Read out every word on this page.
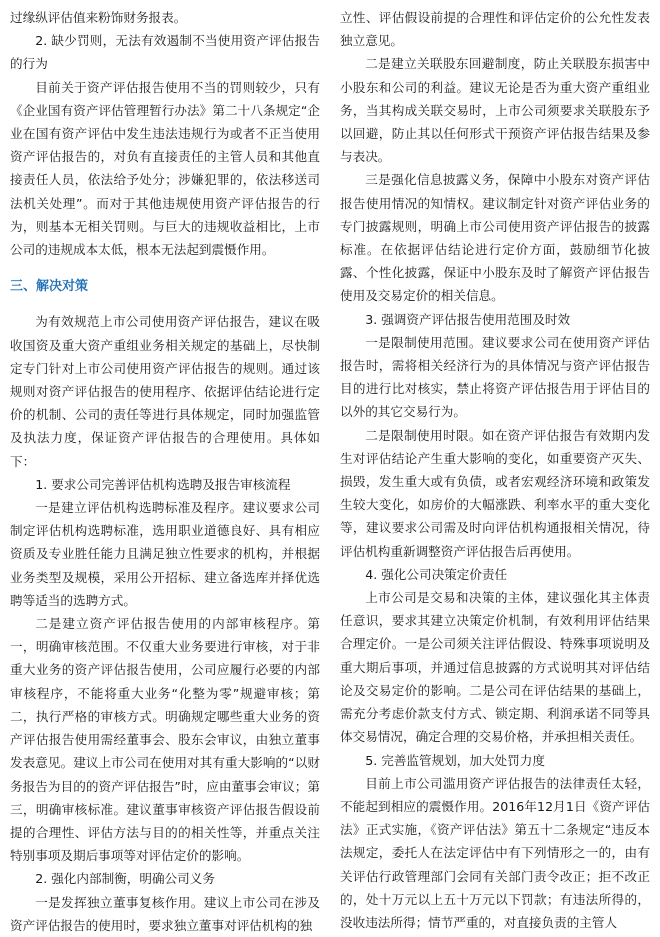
过缘纵评估值来粉饰财务报表。

2. 缺少罚则，无法有效遏制不当使用资产评估报告的行为

目前关于资产评估报告使用不当的罚则较少，只有《企业国有资产评估管理暂行办法》第二十八条规定“企业在国有资产评估中发生违法违规行为或者不正当使用资产评估报告的，对负有直接责任的主管人员和其他直接责任人员，依法给予处分；涉嫌犯罪的，依法移送司法机关处理”。而对于其他违规使用资产评估报告的行为，则基本无相关罚则。与巨大的违规收益相比，上市公司的违规成本太低，根本无法起到震慑作用。

三、解决对策

为有效规范上市公司使用资产评估报告，建议在吸收国资及重大资产重组业务相关规定的基础上，尽快制定专门针对上市公司使用资产评估报告的规则。通过该规则对资产评估报告的使用程序、依据评估结论进行定价的机制、公司的责任等进行具体规定，同时加强监管及执法力度，保证资产评估报告的合理使用。具体如下：

1. 要求公司完善评估机构选聘及报告审核流程

一是建立评估机构选聘标准及程序。建议要求公司制定评估机构选聘标准，选用职业道德良好、具有相应资质及专业胜任能力且满足独立性要求的机构，并根据业务类型及规模，采用公开招标、建立备选库并择优选聘等适当的选聘方式。

二是建立资产评估报告使用的内部审核程序。第一，明确审核范围。不仅重大业务要进行审核，对于非重大业务的资产评估报告使用，公司应履行必要的内部审核程序，不能将重大业务“化整为零”规避审核；第二，执行严格的审核方式。明确规定哪些重大业务的资产评估报告使用需经董事会、股东会审议，由独立董事发表意见。建议上市公司在使用对其有重大影响的“以财务报告为目的的资产评估报告”时，应由董事会审议；第三，明确审核标准。建议董事审核资产评估报告假设前提的合理性、评估方法与目的的相关性等，并重点关注特别事项及期后事项等对评估定价的影响。

2. 强化内部制衡，明确公司义务

一是发挥独立董事复核作用。建议上市公司在涉及资产评估报告的使用时，要求独立董事对评估机构的独

立性、评估假设前提的合理性和评估定价的公允性发表独立意见。

二是建立关联股东回避制度，防止关联股东损害中小股东和公司的利益。建议无论是否为重大资产重组业务，当其构成关联交易时，上市公司须要求关联股东予以回避，防止其以任何形式干预资产评估报告结果及参与表决。

三是强化信息披露义务，保障中小股东对资产评估报告使用情况的知情权。建议制定针对资产评估业务的专门披露规则，明确上市公司使用资产评估报告的披露标准。在依据评估结论进行定价方面，鼓励细节化披露、个性化披露，保证中小股东及时了解资产评估报告使用及交易定价的相关信息。

3. 强调资产评估报告使用范围及时效

一是限制使用范围。建议要求公司在使用资产评估报告时，需将相关经济行为的具体情况与资产评估报告目的进行比对核实，禁止将资产评估报告用于评估目的以外的其它交易行为。

二是限制使用时限。如在资产评估报告有效期内发生对评估结论产生重大影响的变化，如重要资产灭失、损毁，发生重大或有负债，或者宏观经济环境和政策发生较大变化，如房价的大幅涨跌、利率水平的重大变化等，建议要求公司需及时向评估机构通报相关情况，待评估机构重新调整资产评估报告后再使用。

4. 强化公司决策定价责任

上市公司是交易和决策的主体，建议强化其主体责任意识，要求其建立决策定价机制，有效利用评估结果合理定价。一是公司须关注评估假设、特殊事项说明及重大期后事项，并通过信息披露的方式说明其对评估结论及交易定价的影响。二是公司在评估结果的基础上，需充分考虑价款支付方式、锁定期、利润承诺不同等具体交易情况，确定合理的交易价格，并承担相关责任。

5. 完善监管规划，加大处罚力度

目前上市公司滥用资产评估报告的法律责任太轻，不能起到相应的震慑作用。2016年12月1日《资产评估法》正式实施，《资产评估法》第五十二条规定“违反本法规定，委托人在法定评估中有下列情形之一的，由有关评估行政管理部门会同有关部门责令改正；拒不改正的，处十万元以上五十万元以下罚款；有违法所得的，没收违法所得；情节严重的，对直接负责的主管人
